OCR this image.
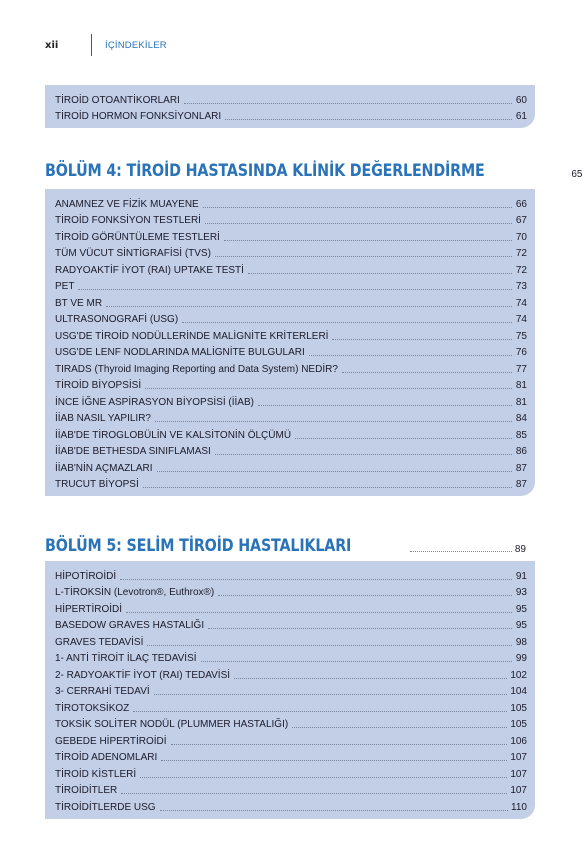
xii	İÇİNDEKİLER
TİROİD OTOANTİKORLARI	60
TİROİD HORMON FONKSİYONLARI	61
BÖLÜM 4: TİROİD HASTASINDA KLİNİK DEĞERLENDİRME	65
ANAMNEZ VE FİZİK MUAYENE	66
TİROİD FONKSİYON TESTLERİ	67
TİROİD GÖRÜNTÜLEME TESTLERİ	70
TÜM VÜCUT SİNTİGRAFİSİ (TVS)	72
RADYOAKTİF İYOT (RAI) UPTAKE TESTİ	72
PET	73
BT VE MR	74
ULTRASONOGRAFİ (USG)	74
USG'DE TİROİD NODÜLLERİNDE MALİGNİTE KRİTERLERİ	75
USG'DE LENF NODLARINDA MALİGNİTE BULGULARI	76
TIRADS (Thyroid Imaging Reporting and Data System) NEDİR?	77
TİROİD BİYOPSİSİ	81
İNCE İĞNE ASPİRASYON BİYOPSİSİ (İİAB)	81
İİAB NASIL YAPILIR?	84
İİAB'DE TİROGLOBÜLİN VE KALSİTONİN ÖLÇÜMÜ	85
İİAB'DE BETHESDA SINIFLAMASI	86
İİAB'NİN AÇMAZLARI	87
TRUCUT BİYOPSİ	87
BÖLÜM 5: SELİM TİROİD HASTALIKLARI	89
HİPOTİROİDİ	91
L-TİROKSİN (Levotron®, Euthrox®)	93
HİPERTİROİDİ	95
BASEDOW GRAVES HASTALIĞI	95
GRAVES TEDAVİSİ	98
1- ANTİ TİROİT İLAÇ TEDAVİSİ	99
2- RADYOAKTİF İYOT (RAI) TEDAVİSİ	102
3- CERRAHİ TEDAVİ	104
TİROTOKSİKOZ	105
TOKSİK SOLİTER NODÜL (PLUMMER HASTALIĞI)	105
GEBEDE HİPERTİROİDİ	106
TİROİD ADENOMLARI	107
TİROİD KİSTLERİ	107
TİROİDİTLER	107
TİROİDİTLERDE USG	110
